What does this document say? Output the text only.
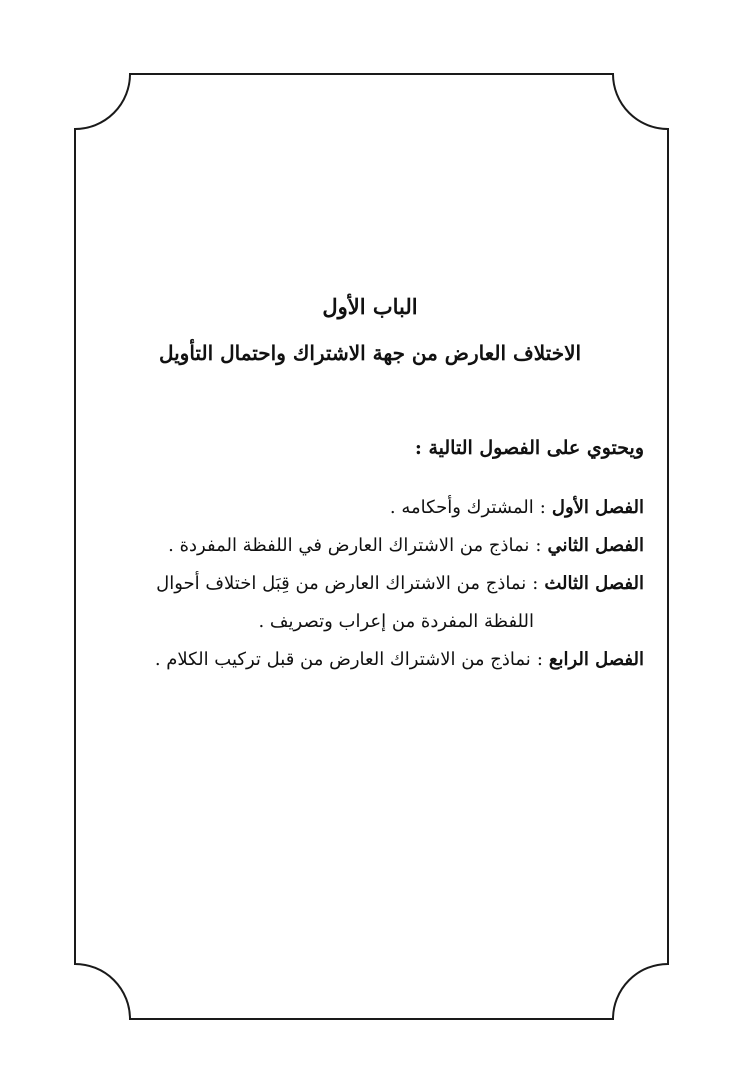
الباب الأول
الاختلاف العارض من جهة الاشتراك واحتمال التأويل
ويحتوي على الفصول التالية :
الفصل الأول:المشترك وأحكامه .
الفصل الثاني:نماذج من الاشتراك العارض في اللفظة المفردة .
الفصل الثالث:نماذج من الاشتراك العارض من قِبَل اختلاف أحوال
اللفظة المفردة من إعراب وتصريف .
الفصل الرابع:نماذج من الاشتراك العارض من قبل تركيب الكلام .
